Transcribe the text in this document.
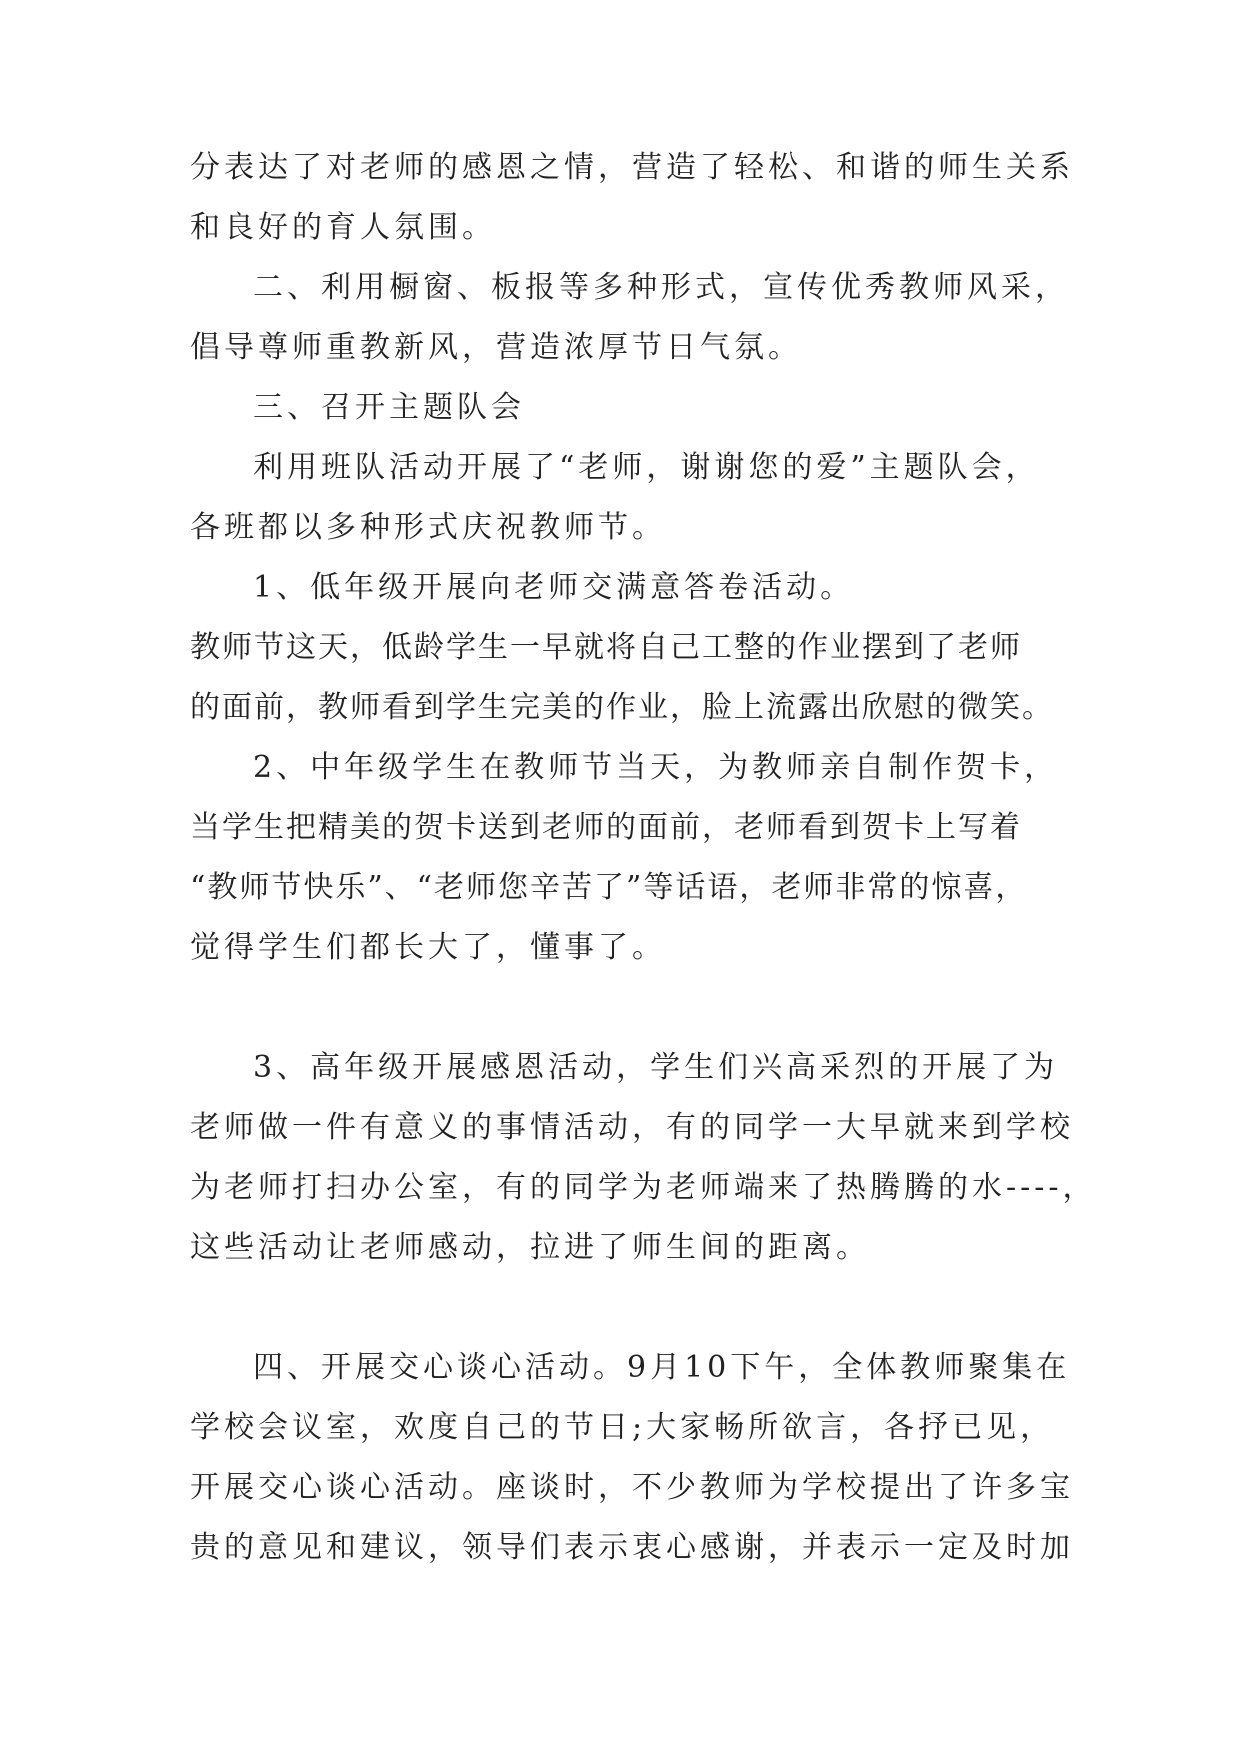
分表达了对老师的感恩之情，营造了轻松、和谐的师生关系
和良好的育人氛围。
二、利用橱窗、板报等多种形式，宣传优秀教师风采，
倡导尊师重教新风，营造浓厚节日气氛。
三、召开主题队会
利用班队活动开展了“老师，谢谢您的爱”主题队会，
各班都以多种形式庆祝教师节。
1、低年级开展向老师交满意答卷活动。
教师节这天，低龄学生一早就将自己工整的作业摆到了老师
的面前，教师看到学生完美的作业，脸上流露出欣慰的微笑。
2、中年级学生在教师节当天，为教师亲自制作贺卡，
当学生把精美的贺卡送到老师的面前，老师看到贺卡上写着
“教师节快乐”、“老师您辛苦了”等话语，老师非常的惊喜，
觉得学生们都长大了，懂事了。
3、高年级开展感恩活动，学生们兴高采烈的开展了为
老师做一件有意义的事情活动，有的同学一大早就来到学校
为老师打扫办公室，有的同学为老师端来了热腾腾的水----，
这些活动让老师感动，拉进了师生间的距离。
四、开展交心谈心活动。9月10下午，全体教师聚集在
学校会议室，欢度自己的节日;大家畅所欲言，各抒已见，
开展交心谈心活动。座谈时，不少教师为学校提出了许多宝
贵的意见和建议，领导们表示衷心感谢，并表示一定及时加
